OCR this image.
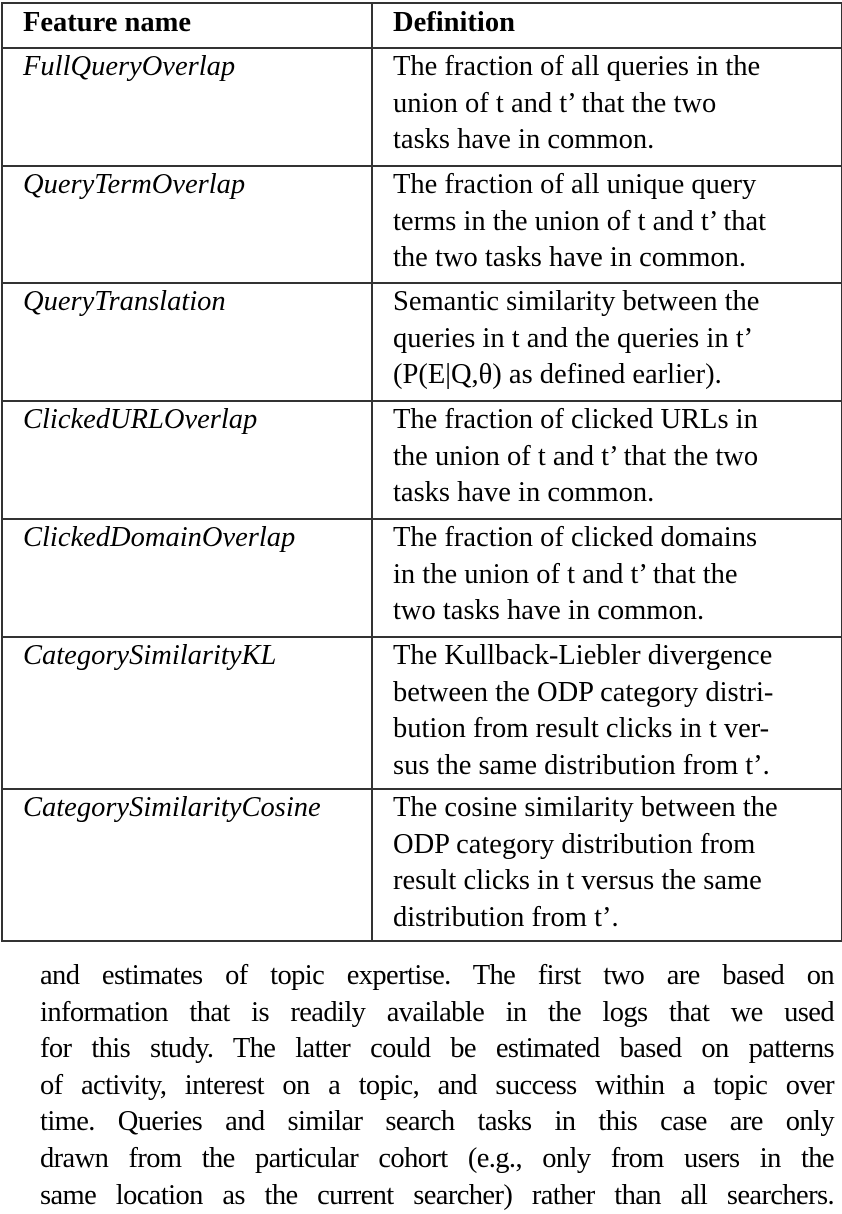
Feature name	Definition
FullQueryOverlap	The fraction of all queries in the
union of t and t’ that the two
tasks have in common.

QueryTermOverlap	The fraction of all unique query
terms in the union of t and t’ that
the two tasks have in common.

QueryTranslation	Semantic similarity between the
queries in t and the queries in t’
(P(E|Q,θ) as defined earlier).

ClickedURLOverlap	The fraction of clicked URLs in
the union of t and t’ that the two
tasks have in common.

ClickedDomainOverlap	The fraction of clicked domains
in the union of t and t’ that the
two tasks have in common.

CategorySimilarityKL	The Kullback-Liebler divergence
between the ODP category distri-
bution from result clicks in t ver-
sus the same distribution from t’.

CategorySimilarityCosine	The cosine similarity between the
ODP category distribution from
result clicks in t versus the same
distribution from t’.
and estimates of topic expertise. The first two are based on
information that is readily available in the logs that we used
for this study. The latter could be estimated based on patterns
of activity, interest on a topic, and success within a topic over
time. Queries and similar search tasks in this case are only
drawn from the particular cohort (e.g., only from users in the
same location as the current searcher) rather than all searchers.
